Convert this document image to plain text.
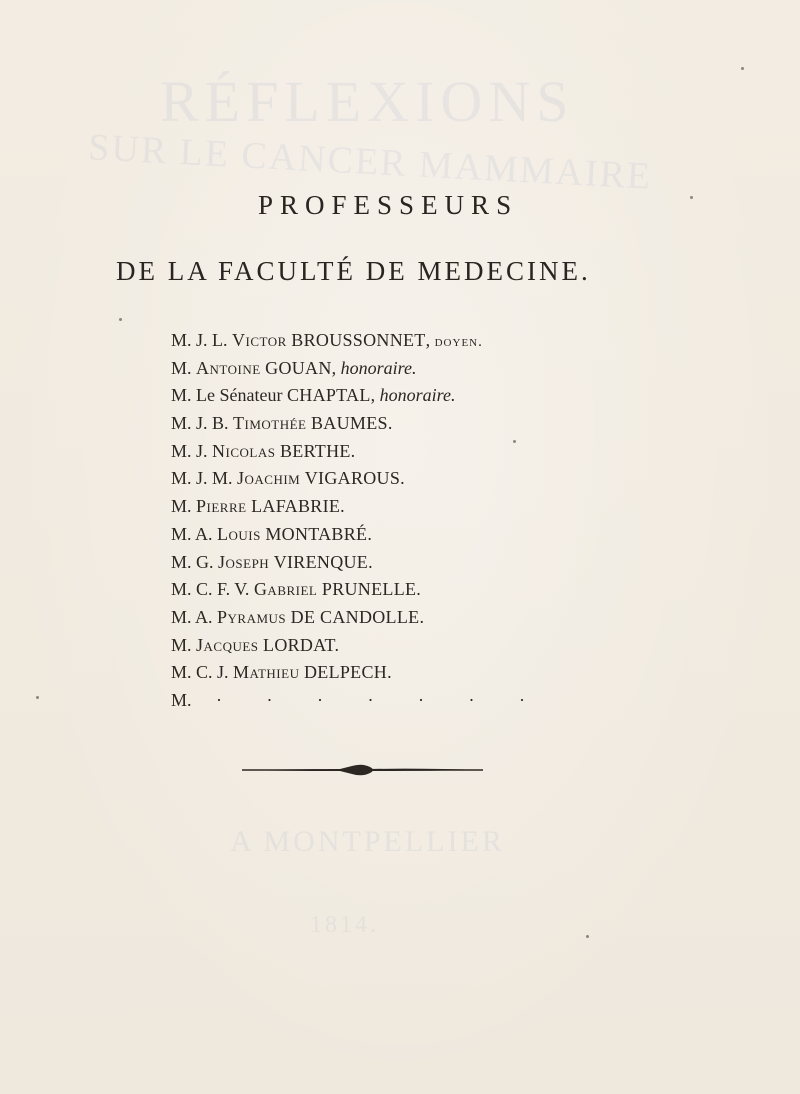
RÉFLEXIONS
SUR LE CANCER MAMMAIRE
A MONTPELLIER
1814.
PROFESSEURS
DE LA FACULTÉ DE MEDECINE.
M. J. L. Victor BROUSSONNET, doyen.
M. Antoine GOUAN, honoraire.
M. Le Sénateur CHAPTAL, honoraire.
M. J. B. Timothée BAUMES.
M. J. Nicolas BERTHE.
M. J. M. Joachim VIGAROUS.
M. Pierre LAFABRIE.
M. A. Louis MONTABRÉ.
M. G. Joseph VIRENQUE.
M. C. F. V. Gabriel PRUNELLE.
M. A. Pyramus DE CANDOLLE.
M. Jacques LORDAT.
M. C. J. Mathieu DELPECH.
M. · · · · · · ·
